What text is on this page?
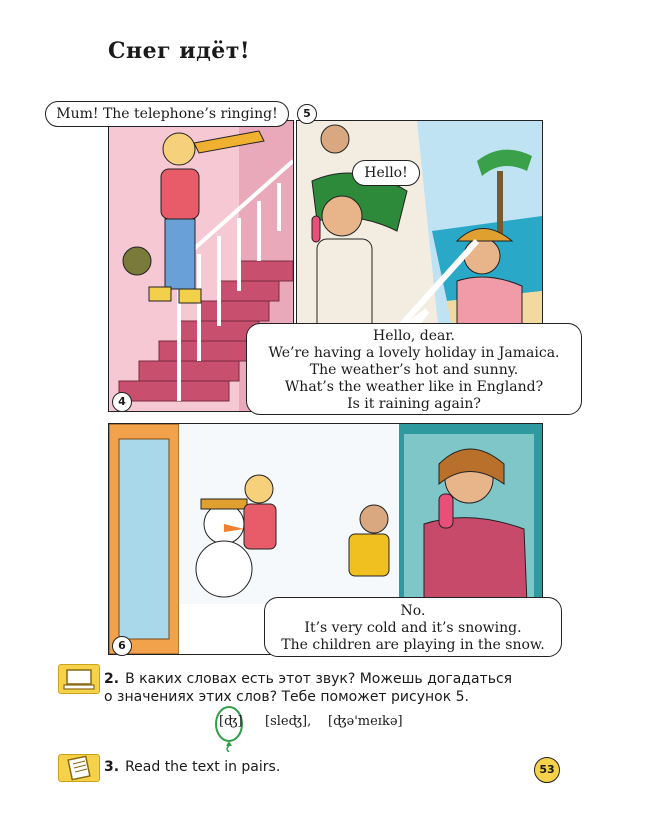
Снег идёт!
4
5
6
Mum! The telephone’s ringing!
Hello!
Hello, dear.
We’re having a lovely holiday in Jamaica.
The weather’s hot and sunny.
What’s the weather like in England?
Is it raining again?
No.
It’s very cold and it’s snowing.
The children are playing in the snow.
2. В каких словах есть этот звук? Можешь догадаться
о значениях этих слов? Тебе поможет рисунок 5.
[ʤ] [sleʤ], [ʤə'meɪkə]
3. Read the text in pairs.	53
